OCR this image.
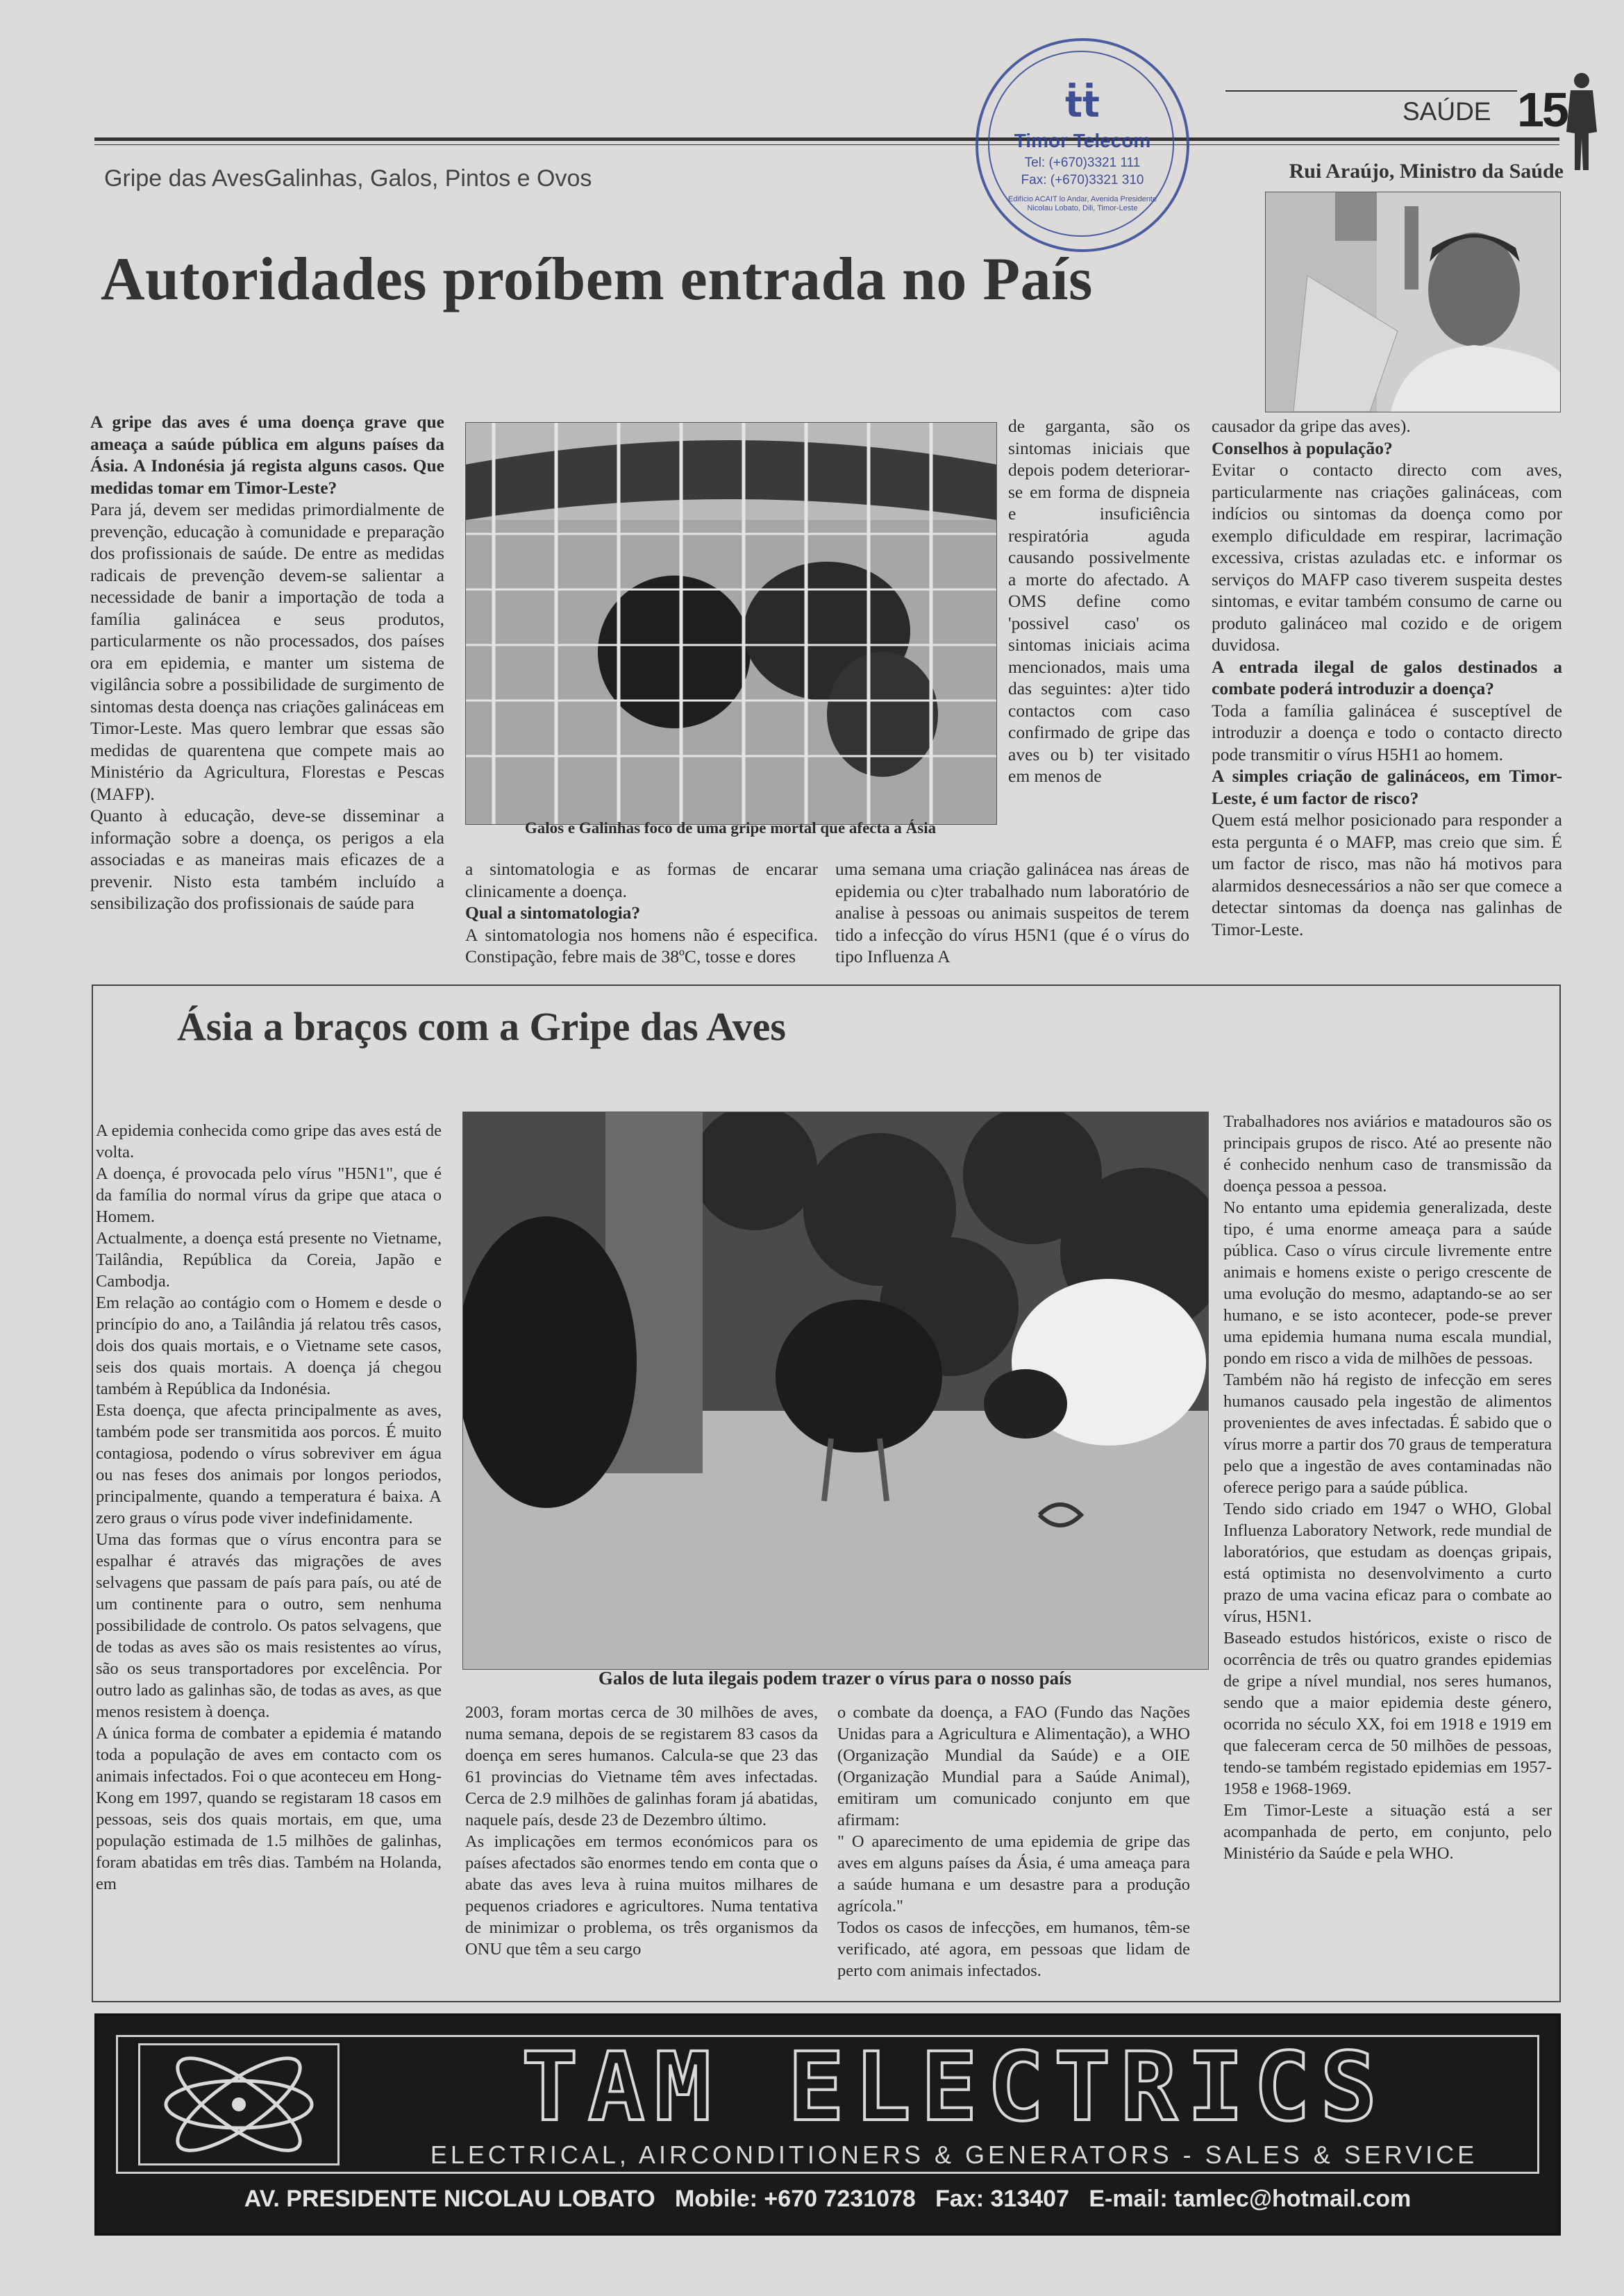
SAÚDE 15
ṫṫ
Timor Telecom
Tel: (+670)3321 111
Fax: (+670)3321 310
Edifício ACAIT lo Andar, Avenida Presidente Nicolau Lobato, Dili, Timor-Leste
Gripe das AvesGalinhas, Galos, Pintos e Ovos
Autoridades proíbem entrada no País
Rui Araújo, Ministro da Saúde

A gripe das aves é uma doença grave que ameaça a saúde pública em alguns países da Ásia. A Indonésia já regista alguns casos. Que medidas tomar em Timor-Leste?

Para já, devem ser medidas primordialmente de prevenção, educação à comunidade e preparação dos profissionais de saúde. De entre as medidas radicais de prevenção devem-se salientar a necessidade de banir a importação de toda a família galinácea e seus produtos, particularmente os não processados, dos países ora em epidemia, e manter um sistema de vigilância sobre a possibilidade de surgimento de sintomas desta doença nas criações galináceas em Timor-Leste. Mas quero lembrar que essas são medidas de quarentena que compete mais ao Ministério da Agricultura, Florestas e Pescas (MAFP).

Quanto à educação, deve-se disseminar a informação sobre a doença, os perigos a ela associadas e as maneiras mais eficazes de a prevenir. Nisto esta também incluído a sensibilização dos profissionais de saúde para

Galos e Galinhas foco de uma gripe mortal que afecta a Ásia

a sintomatologia e as formas de encarar clinicamente a doença.

Qual a sintomatologia?

A sintomatologia nos homens não é especifica. Constipação, febre mais de 38ºC, tosse e dores

de garganta, são os sintomas iniciais que depois podem deteriorar-se em forma de dispneia e insuficiência respiratória aguda causando possivelmente a morte do afectado. A OMS define como 'possivel caso' os sintomas iniciais acima mencionados, mais uma das seguintes: a)ter tido contactos com caso confirmado de gripe das aves ou b) ter visitado em menos de

uma semana uma criação galinácea nas áreas de epidemia ou c)ter trabalhado num laboratório de analise à pessoas ou animais suspeitos de terem tido a infecção do vírus H5N1 (que é o vírus do tipo Influenza A

causador da gripe das aves).

Conselhos à população?

Evitar o contacto directo com aves, particularmente nas criações galináceas, com indícios ou sintomas da doença como por exemplo dificuldade em respirar, lacrimação excessiva, cristas azuladas etc. e informar os serviços do MAFP caso tiverem suspeita destes sintomas, e evitar também consumo de carne ou produto galináceo mal cozido e de origem duvidosa.

A entrada ilegal de galos destinados a combate poderá introduzir a doença?

Toda a família galinácea é susceptível de introduzir a doença e todo o contacto directo pode transmitir o vírus H5H1 ao homem.

A simples criação de galináceos, em Timor-Leste, é um factor de risco?

Quem está melhor posicionado para responder a esta pergunta é o MAFP, mas creio que sim. É um factor de risco, mas não há motivos para alarmidos desnecessários a não ser que comece a detectar sintomas da doença nas galinhas de Timor-Leste.

Ásia a braços com a Gripe das Aves

A epidemia conhecida como gripe das aves está de volta.

A doença, é provocada pelo vírus "H5N1", que é da família do normal vírus da gripe que ataca o Homem.

Actualmente, a doença está presente no Vietname, Tailândia, República da Coreia, Japão e Cambodja.

Em relação ao contágio com o Homem e desde o princípio do ano, a Tailândia já relatou três casos, dois dos quais mortais, e o Vietname sete casos, seis dos quais mortais. A doença já chegou também à República da Indonésia.

Esta doença, que afecta principalmente as aves, também pode ser transmitida aos porcos. É muito contagiosa, podendo o vírus sobreviver em água ou nas feses dos animais por longos periodos, principalmente, quando a temperatura é baixa. A zero graus o vírus pode viver indefinidamente.

Uma das formas que o vírus encontra para se espalhar é através das migrações de aves selvagens que passam de país para país, ou até de um continente para o outro, sem nenhuma possibilidade de controlo. Os patos selvagens, que de todas as aves são os mais resistentes ao vírus, são os seus transportadores por excelência. Por outro lado as galinhas são, de todas as aves, as que menos resistem à doença.

A única forma de combater a epidemia é matando toda a população de aves em contacto com os animais infectados. Foi o que aconteceu em Hong-Kong em 1997, quando se registaram 18 casos em pessoas, seis dos quais mortais, em que, uma população estimada de 1.5 milhões de galinhas, foram abatidas em três dias. Também na Holanda, em

Galos de luta ilegais podem trazer o vírus para o nosso país

2003, foram mortas cerca de 30 milhões de aves, numa semana, depois de se registarem 83 casos da doença em seres humanos. Calcula-se que 23 das 61 provincias do Vietname têm aves infectadas. Cerca de 2.9 milhões de galinhas foram já abatidas, naquele país, desde 23 de Dezembro último.

As implicações em termos económicos para os países afectados são enormes tendo em conta que o abate das aves leva à ruina muitos milhares de pequenos criadores e agricultores. Numa tentativa de minimizar o problema, os três organismos da ONU que têm a seu cargo

o combate da doença, a FAO (Fundo das Nações Unidas para a Agricultura e Alimentação), a WHO (Organização Mundial da Saúde) e a OIE (Organização Mundial para a Saúde Animal), emitiram um comunicado conjunto em que afirmam:

" O aparecimento de uma epidemia de gripe das aves em alguns países da Ásia, é uma ameaça para a saúde humana e um desastre para a produção agrícola."

Todos os casos de infecções, em humanos, têm-se verificado, até agora, em pessoas que lidam de perto com animais infectados.

Trabalhadores nos aviários e matadouros são os principais grupos de risco. Até ao presente não é conhecido nenhum caso de transmissão da doença pessoa a pessoa.

No entanto uma epidemia generalizada, deste tipo, é uma enorme ameaça para a saúde pública. Caso o vírus circule livremente entre animais e homens existe o perigo crescente de uma evolução do mesmo, adaptando-se ao ser humano, e se isto acontecer, pode-se prever uma epidemia humana numa escala mundial, pondo em risco a vida de milhões de pessoas.

Também não há registo de infecção em seres humanos causado pela ingestão de alimentos provenientes de aves infectadas. É sabido que o vírus morre a partir dos 70 graus de temperatura pelo que a ingestão de aves contaminadas não oferece perigo para a saúde pública.

Tendo sido criado em 1947 o WHO, Global Influenza Laboratory Network, rede mundial de laboratórios, que estudam as doenças gripais, está optimista no desenvolvimento a curto prazo de uma vacina eficaz para o combate ao vírus, H5N1.

Baseado estudos históricos, existe o risco de ocorrência de três ou quatro grandes epidemias de gripe a nível mundial, nos seres humanos, sendo que a maior epidemia deste género, ocorrida no século XX, foi em 1918 e 1919 em que faleceram cerca de 50 milhões de pessoas, tendo-se também registado epidemias em 1957-1958 e 1968-1969.

Em Timor-Leste a situação está a ser acompanhada de perto, em conjunto, pelo Ministério da Saúde e pela WHO.

TAM ELECTRICS
ELECTRICAL, AIRCONDITIONERS & GENERATORS - SALES & SERVICE
AV. PRESIDENTE NICOLAU LOBATO   Mobile: +670 7231078   Fax: 313407   E-mail: tamlec@hotmail.com
